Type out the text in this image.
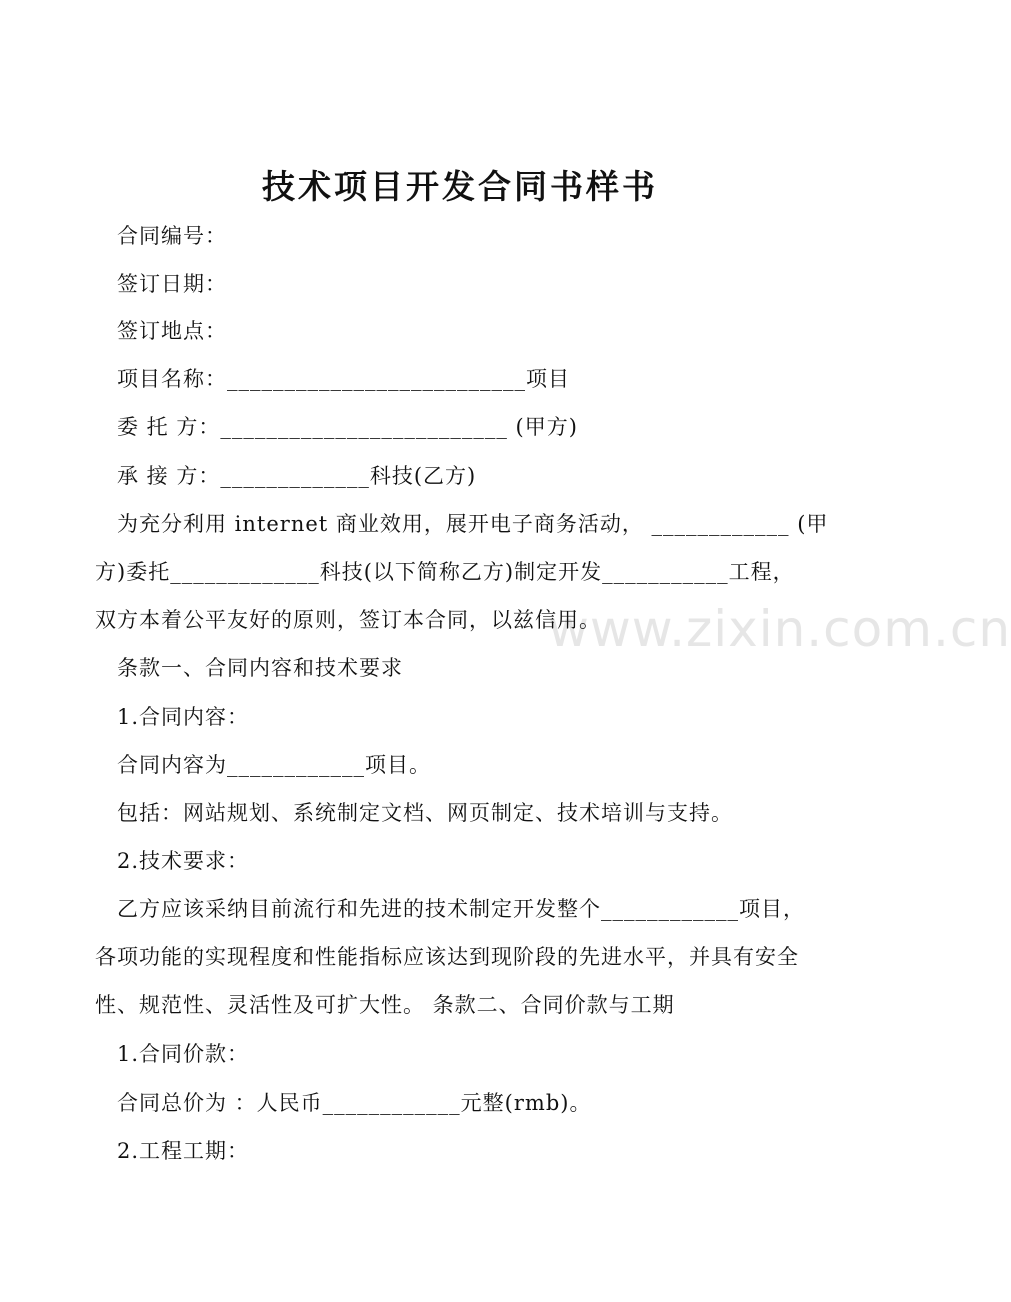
www.zixin.com.cn
技术项目开发合同书样书
合同编号：
签订日期：
签订地点：
项目名称：__________________________项目
委 托 方：_________________________ (甲方)
承 接 方：_____________科技(乙方)
为充分利用 internet 商业效用，展开电子商务活动， ____________ (甲
方)委托_____________科技(以下简称乙方)制定开发___________工程，
双方本着公平友好的原则，签订本合同，以兹信用。
条款一、合同内容和技术要求
1.合同内容：
合同内容为____________项目。
包括：网站规划、系统制定文档、网页制定、技术培训与支持。
2.技术要求：
乙方应该采纳目前流行和先进的技术制定开发整个____________项目，
各项功能的实现程度和性能指标应该达到现阶段的先进水平，并具有安全
性、规范性、灵活性及可扩大性。 条款二、合同价款与工期
1.合同价款：
合同总价为 ：人民币____________元整(rmb)。
2.工程工期：
